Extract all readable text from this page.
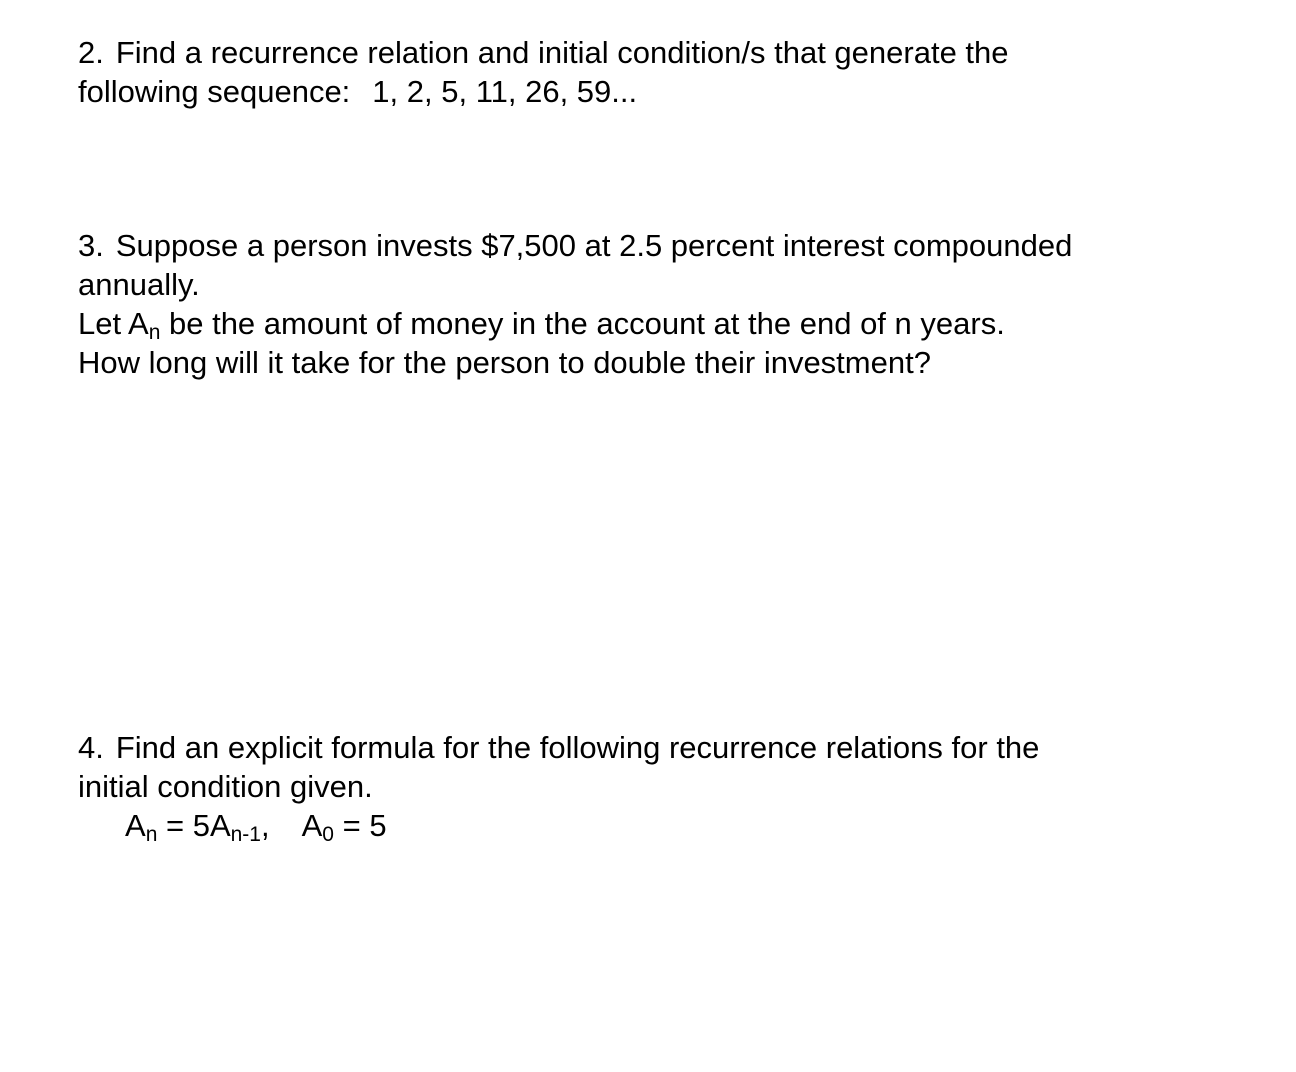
2. Find a recurrence relation and initial condition/s that generate the
following sequence: 1, 2, 5, 11, 26, 59...
3. Suppose a person invests $7,500 at 2.5 percent interest compounded
annually.
Let $A_n$ be the amount of money in the account at the end of n years.
How long will it take for the person to double their investment?
4. Find an explicit formula for the following recurrence relations for the
initial condition given.
$A_n = 5A_{n-1}$, $A_0 = 5$
